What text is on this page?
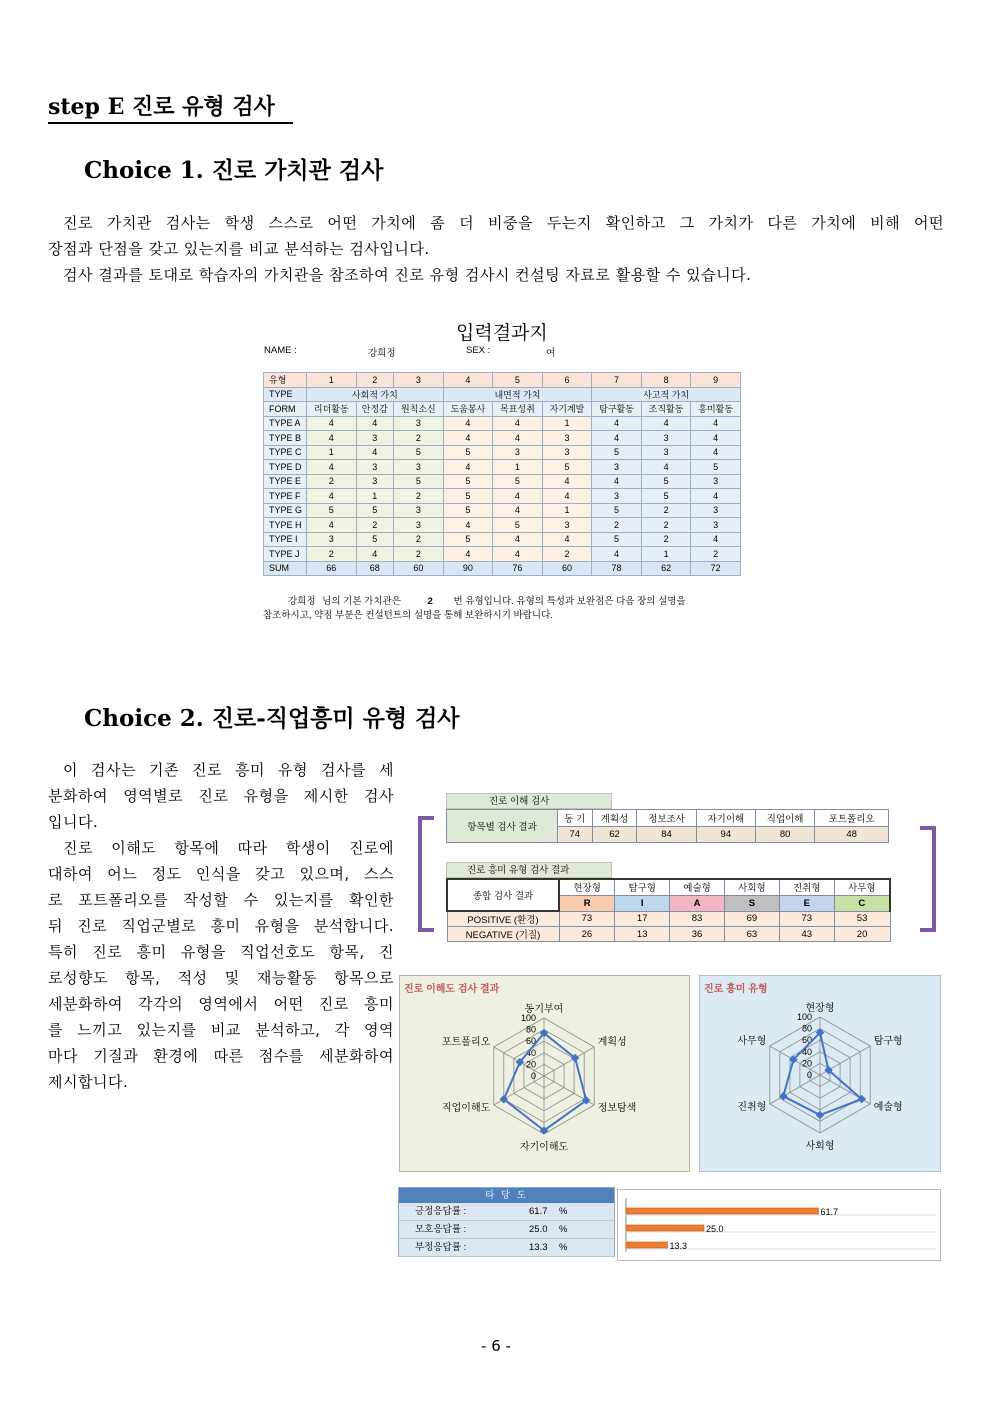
step E 진로 유형 검사
Choice 1. 진로 가치관 검사
진로 가치관 검사는 학생 스스로 어떤 가치에 좀 더 비중을 두는지 확인하고 그 가치가 다른 가치에 비해 어떤
장점과 단점을 갖고 있는지를 비교 분석하는 검사입니다.
검사 결과를 토대로 학습자의 가치관을 참조하여 진로 유형 검사시 컨설팅 자료로 활용할 수 있습니다.
입력결과지
NAME :	강희정	SEX :	여
유형	1	2	3	4	5	6	7	8	9
TYPE	사회적 가치			내면적 가치			사고적 가치		
FORM	리더활동	안정감	원칙소신	도움봉사	목표성취	자기계발	탐구활동	조직활동	흥미활동
TYPE A	4	4	3	4	4	1	4	4	4
TYPE B	4	3	2	4	4	3	4	3	4
TYPE C	1	4	5	5	3	3	5	3	4
TYPE D	4	3	3	4	1	5	3	4	5
TYPE E	2	3	5	5	5	4	4	5	3
TYPE F	4	1	2	5	4	4	3	5	4
TYPE G	5	5	3	5	4	1	5	2	3
TYPE H	4	2	3	4	5	3	2	2	3
TYPE I	3	5	2	5	4	4	5	2	4
TYPE J	2	4	2	4	4	2	4	1	2
SUM	66	68	60	90	76	60	78	62	72
강희정 님의 기본 가치관은	2 번 유형입니다. 유형의 특성과 보완점은 다음 장의 설명을
참조하시고, 약점 부분은 컨설턴트의 설명을 통해 보완하시기 바랍니다.
Choice 2. 진로-직업흥미 유형 검사
이 검사는 기존 진로 흥미 유형 검사를 세
분화하여 영역별로 진로 유형을 제시한 검사
입니다.
진로 이해도 항목에 따라 학생이 진로에
대하여 어느 정도 인식을 갖고 있으며, 스스
로 포트폴리오를 작성할 수 있는지를 확인한
뒤 진로 직업군별로 흥미 유형을 분석합니다.
특히 진로 흥미 유형을 직업선호도 항목, 진
로성향도 항목, 적성 및 재능활동 항목으로
세분화하여 각각의 영역에서 어떤 진로 흥미
를 느끼고 있는지를 비교 분석하고, 각 영역
마다 기질과 환경에 따른 점수를 세분화하여
제시합니다.
진로 이해 검사
항목별 검사 결과	동 기	계획성	정보조사	자기이해	직업이해	포트폴리오
	74	62	84	94	80	48
진로 흥미 유형 검사 결과
종합 검사 결과	현장형	탐구형	예술형	사회형	진취형	사무형
	R	I	A	S	E	C
POSITIVE (환경)	73	17	83	69	73	53
NEGATIVE (기질)	26	13	36	63	43	20
진로 이해도 검사 결과
100
80
60
40
20
0
동기부여
계획성
정보탐색
자기이해도
직업이해도
포트폴리오
진로 흥미 유형
100
80
60
40
20
0
현장형
탐구형
예술형
사회형
진취형
사무형
타 당 도
긍정응답률 :	61.7 %
모호응답률 :	25.0 %
부정응답률 :	13.3 %
61.7
25.0
13.3
- 6 -
